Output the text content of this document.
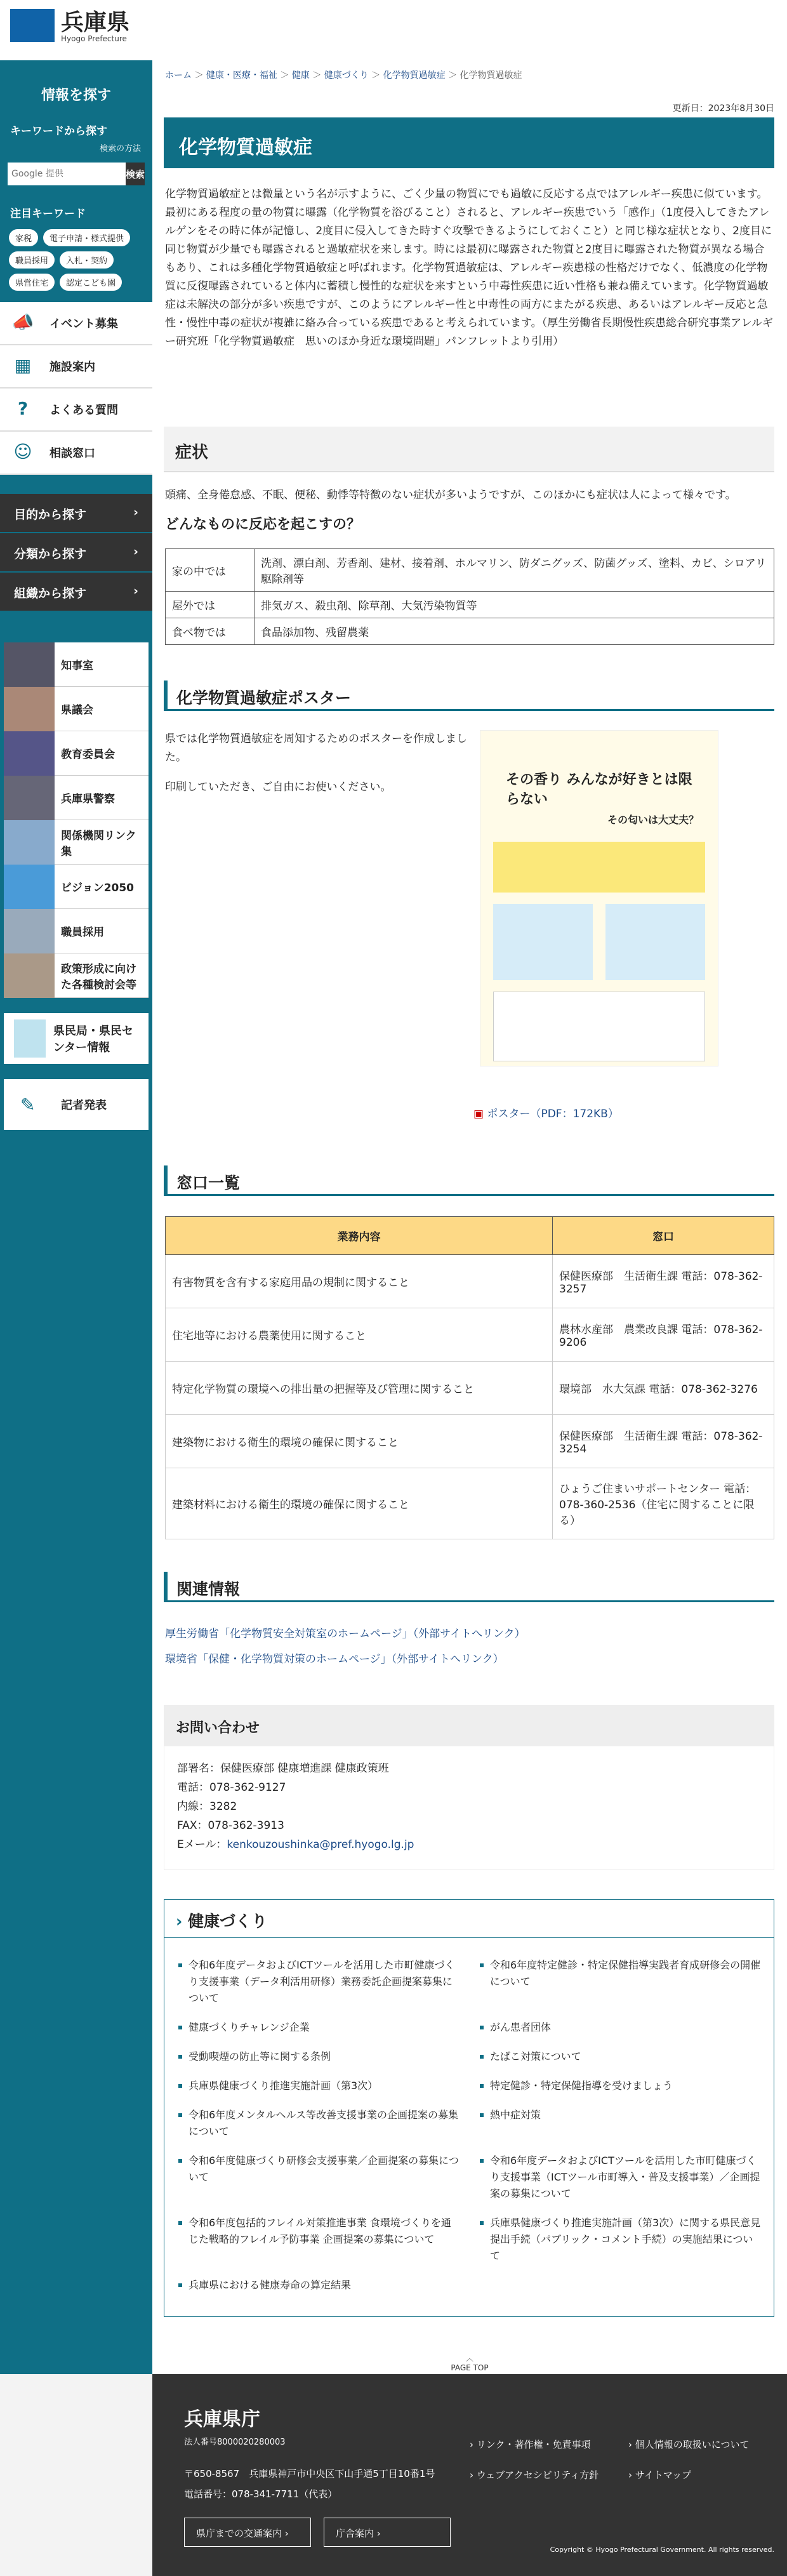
兵庫県
Hyogo Prefecture
情報を探す
キーワードから探す
検索の方法
Google 提供
検索
注目キーワード
家税	電子申請・様式提供
職員採用	入札・契約
県営住宅	認定こども園
📣 イベント募集
▦	施設案内
?	よくある質問
☺	相談窓口
目的から探す	›
分類から探す	›
組織から探す	›
知事室
県議会
教育委員会
兵庫県警察
関係機関リンク集
ビジョン2050
職員採用
政策形成に向けた各種検討会等
県民局・県民センター情報
✎	記者発表
ホーム ＞ 健康・医療・福祉 ＞ 健康 ＞ 健康づくり ＞ 化学物質過敏症 ＞ 化学物質過敏症
更新日：2023年8月30日
化学物質過敏症
化学物質過敏症とは微量という名が示すように、ごく少量の物質にでも過敏に反応する点ではアレルギー疾患に似ています。最初にある程度の量の物質に曝露（化学物質を浴びること）されると、アレルギー疾患でいう「感作」（1度侵入してきたアレルゲンをその時に体が記憶し、2度目に侵入してきた時すぐ攻撃できるようにしておくこと）と同じ様な症状となり、2度目に同じ物質が少量でも曝露されると過敏症状を来します。時には最初に曝露された物質と2度目に曝露された物質が異なる場合もあり、これは多種化学物質過敏症と呼ばれます。化学物質過敏症は、アレルギー疾患様の性格だけでなく、低濃度の化学物質に反復曝露されていると体内に蓄積し慢性的な症状を来すという中毒性疾患に近い性格も兼ね備えています。化学物質過敏症は未解決の部分が多い疾患ですが、このようにアレルギー性と中毒性の両方にまたがる疾患、あるいはアレルギー反応と急性・慢性中毒の症状が複雑に絡み合っている疾患であると考えられています。（厚生労働省長期慢性疾患総合研究事業アレルギー研究班「化学物質過敏症　思いのほか身近な環境問題」パンフレットより引用）
症状
頭痛、全身倦怠感、不眠、便秘、動悸等特徴のない症状が多いようですが、このほかにも症状は人によって様々です。
どんなものに反応を起こすの？
家の中では	洗剤、漂白剤、芳香剤、建材、接着剤、ホルマリン、防ダニグッズ、防菌グッズ、塗料、カビ、シロアリ駆除剤等
屋外では	排気ガス、殺虫剤、除草剤、大気汚染物質等
食べ物では	食品添加物、残留農薬
化学物質過敏症ポスター
県では化学物質過敏症を周知するためのポスターを作成しました。
印刷していただき、ご自由にお使いください。	その香り みんなが好きとは限らない
その匂いは大丈夫？
▣ ポスター（PDF：172KB）
窓口一覧
業務内容	窓口
有害物質を含有する家庭用品の規制に関すること	保健医療部　生活衛生課 電話：078-362-3257
住宅地等における農薬使用に関すること	農林水産部　農業改良課 電話：078-362-9206
特定化学物質の環境への排出量の把握等及び管理に関すること	環境部　水大気課 電話：078-362-3276
建築物における衛生的環境の確保に関すること	保健医療部　生活衛生課 電話：078-362-3254
建築材料における衛生的環境の確保に関すること	ひょうご住まいサポートセンター 電話：078-360-2536（住宅に関することに限る）
関連情報
厚生労働省「化学物質安全対策室のホームページ」（外部サイトへリンク）
環境省「保健・化学物質対策のホームページ」（外部サイトへリンク）
お問い合わせ
部署名：保健医療部 健康増進課 健康政策班
電話：078-362-9127
内線：3282
FAX：078-362-3913
Eメール：kenkouzoushinka@pref.hyogo.lg.jp
› 健康づくり
令和6年度データおよびICTツールを活用した市町健康づくり支援事業（データ利活用研修）業務委託企画提案募集について
令和6年度特定健診・特定保健指導実践者育成研修会の開催について
健康づくりチャレンジ企業	がん患者団体
受動喫煙の防止等に関する条例	たばこ対策について
兵庫県健康づくり推進実施計画（第3次）	特定健診・特定保健指導を受けましょう
令和6年度メンタルヘルス等改善支援事業の企画提案の募集について
熱中症対策
令和6年度健康づくり研修会支援事業／企画提案の募集について
令和6年度データおよびICTツールを活用した市町健康づくり支援事業（ICTツール市町導入・普及支援事業）／企画提案の募集について
令和6年度包括的フレイル対策推進事業 食環境づくりを通じた戦略的フレイル予防事業 企画提案の募集について
兵庫県健康づくり推進実施計画（第3次）に関する県民意見提出手続（パブリック・コメント手続）の実施結果について
兵庫県における健康寿命の算定結果
︿
PAGE TOP
兵庫県庁
法人番号8000020280003
〒650-8567　兵庫県神戸市中央区下山手通5丁目10番1号
電話番号：078-341-7711（代表）
› リンク・著作権・免責事項	› 個人情報の取扱いについて
› ウェブアクセシビリティ方針	› サイトマップ
県庁までの交通案内 ›	庁舎案内 ›
Copyright © Hyogo Prefectural Government. All rights reserved.
